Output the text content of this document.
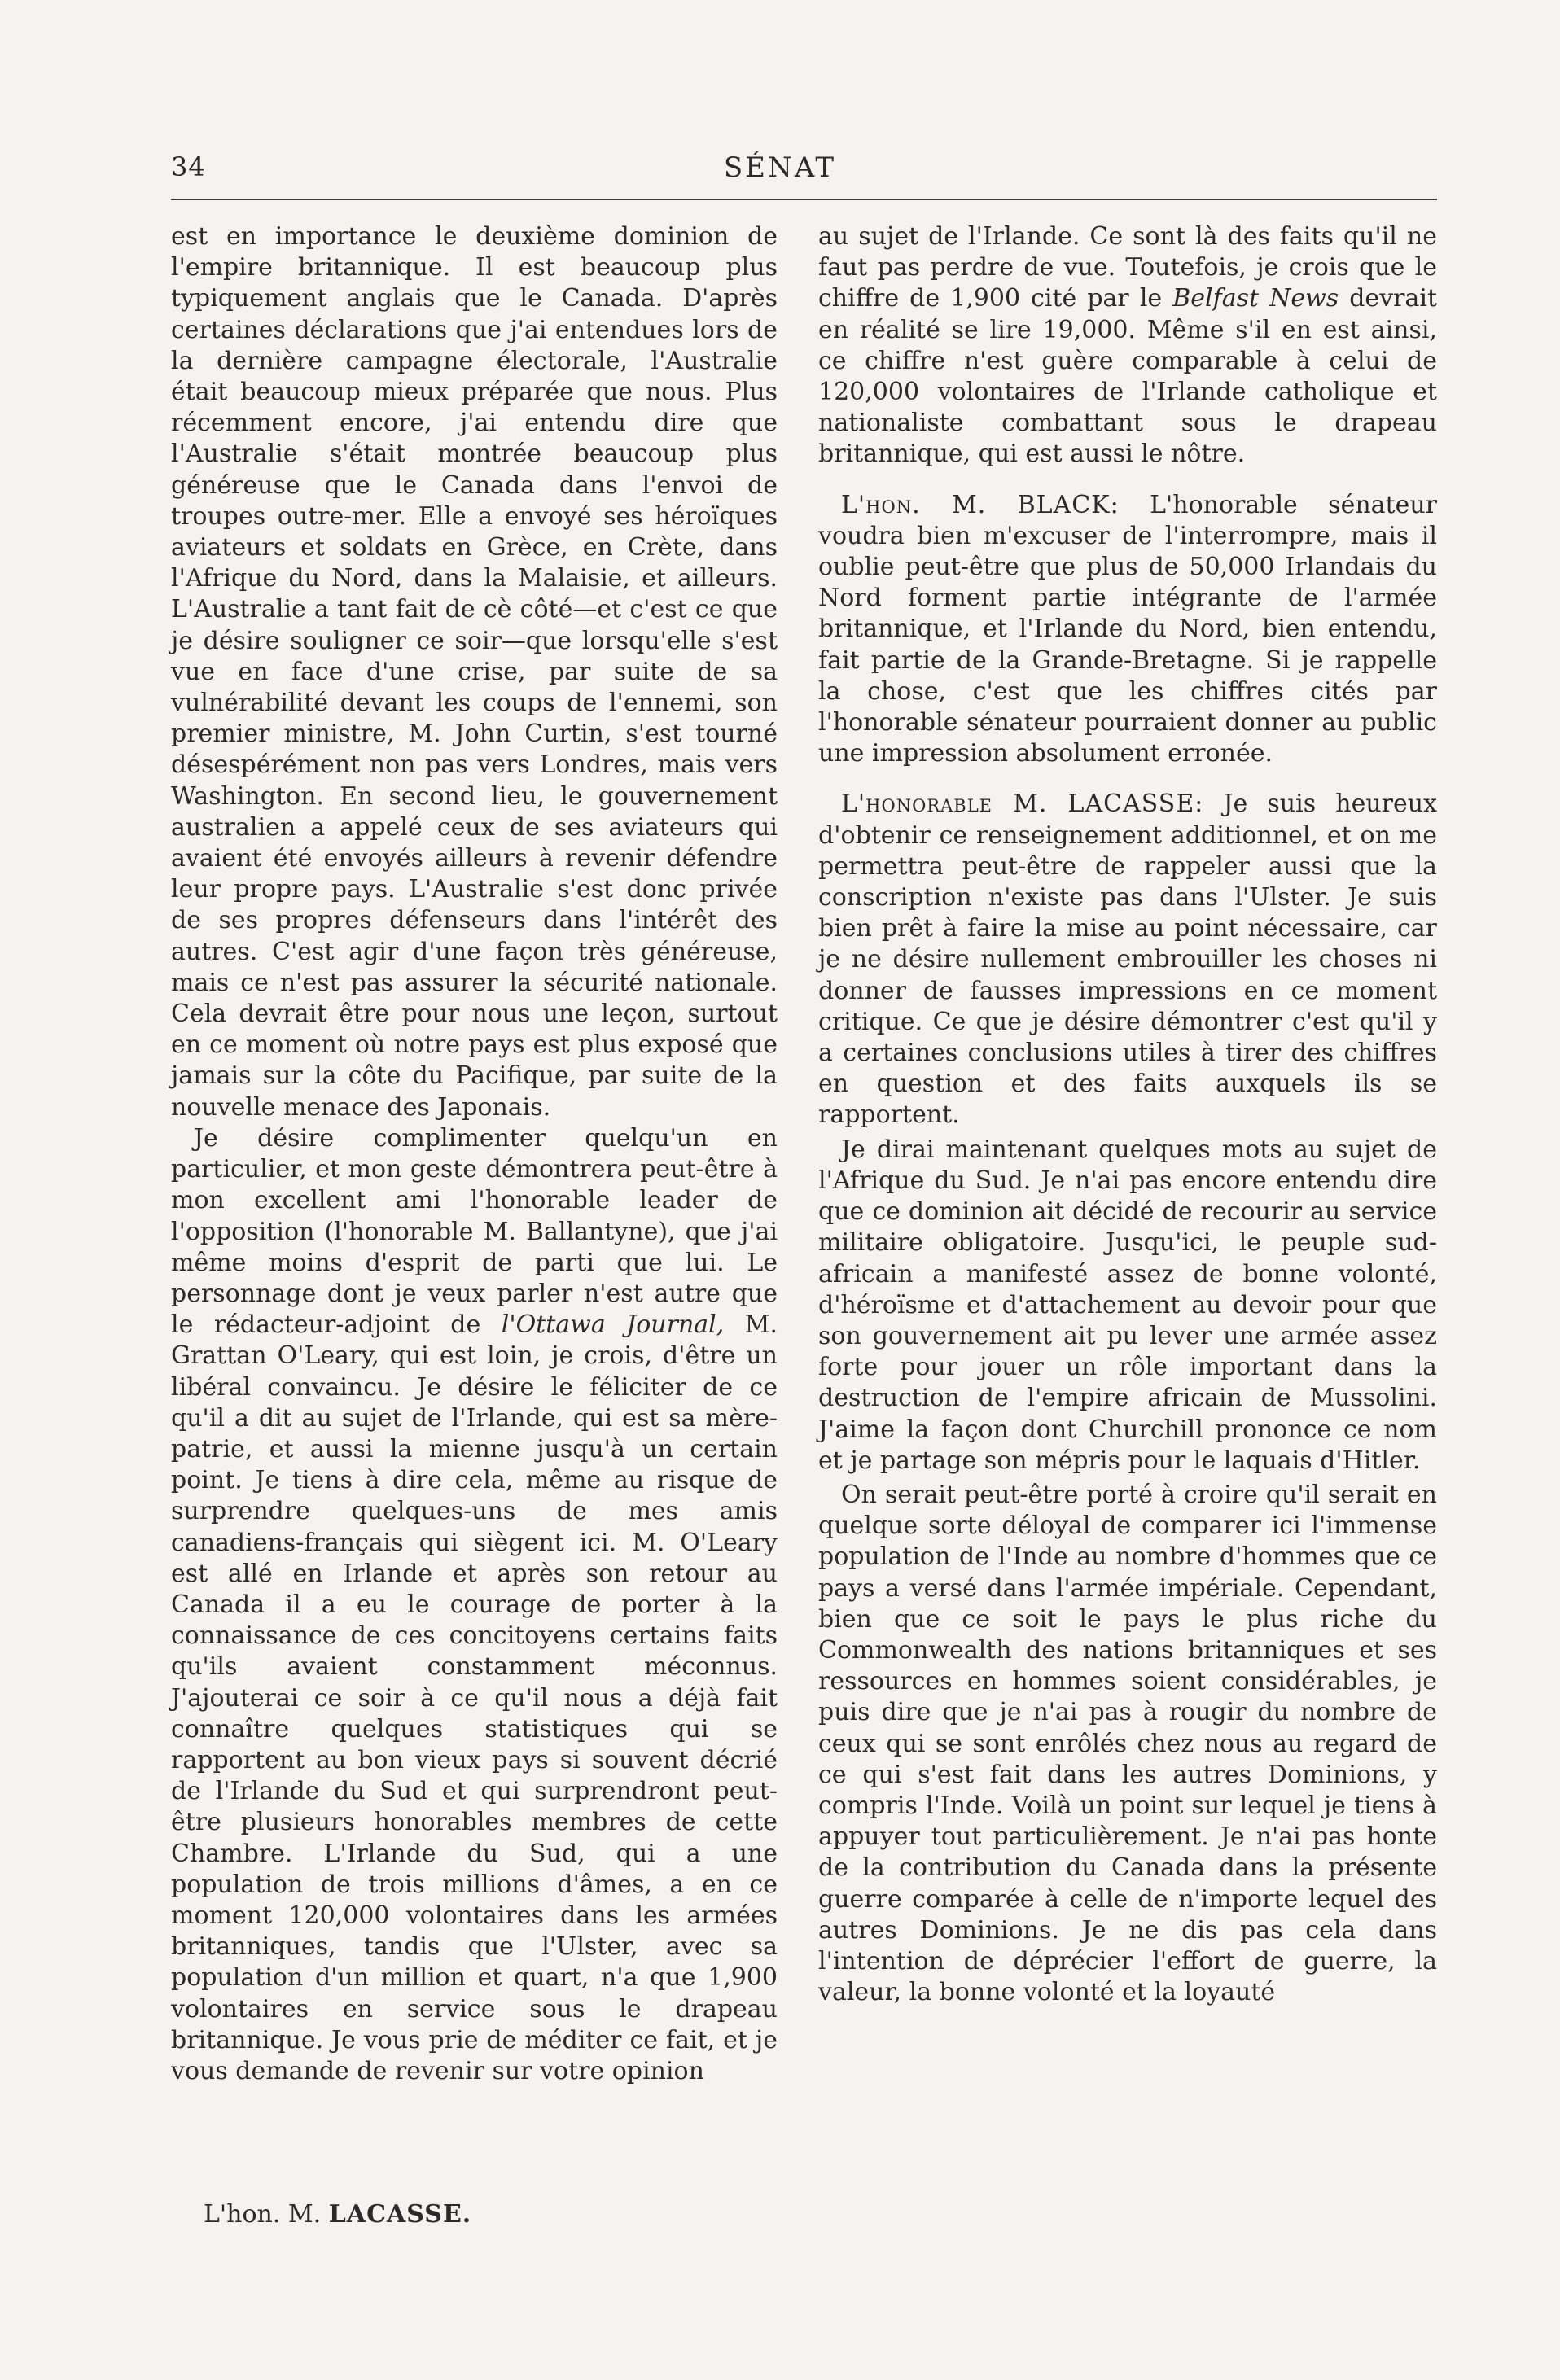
34	SÉNAT

est en importance le deuxième dominion de l'empire britannique. Il est beaucoup plus typiquement anglais que le Canada. D'après certaines déclarations que j'ai entendues lors de la dernière campagne électorale, l'Australie était beaucoup mieux préparée que nous. Plus récemment encore, j'ai entendu dire que l'Australie s'était montrée beaucoup plus généreuse que le Canada dans l'envoi de troupes outre-mer. Elle a envoyé ses héroïques aviateurs et soldats en Grèce, en Crète, dans l'Afrique du Nord, dans la Malaisie, et ailleurs. L'Australie a tant fait de cè côté—et c'est ce que je désire souligner ce soir—que lorsqu'elle s'est vue en face d'une crise, par suite de sa vulnérabilité devant les coups de l'ennemi, son premier ministre, M. John Curtin, s'est tourné désespérément non pas vers Londres, mais vers Washington. En second lieu, le gouvernement australien a appelé ceux de ses aviateurs qui avaient été envoyés ailleurs à revenir défendre leur propre pays. L'Australie s'est donc privée de ses propres défenseurs dans l'intérêt des autres. C'est agir d'une façon très généreuse, mais ce n'est pas assurer la sécurité nationale. Cela devrait être pour nous une leçon, surtout en ce moment où notre pays est plus exposé que jamais sur la côte du Pacifique, par suite de la nouvelle menace des Japonais.

Je désire complimenter quelqu'un en particulier, et mon geste démontrera peut-être à mon excellent ami l'honorable leader de l'opposition (l'honorable M. Ballantyne), que j'ai même moins d'esprit de parti que lui. Le personnage dont je veux parler n'est autre que le rédacteur-adjoint de l'Ottawa Journal, M. Grattan O'Leary, qui est loin, je crois, d'être un libéral convaincu. Je désire le féliciter de ce qu'il a dit au sujet de l'Irlande, qui est sa mère-patrie, et aussi la mienne jusqu'à un certain point. Je tiens à dire cela, même au risque de surprendre quelques-uns de mes amis canadiens-français qui siègent ici. M. O'Leary est allé en Irlande et après son retour au Canada il a eu le courage de porter à la connaissance de ces concitoyens certains faits qu'ils avaient constamment méconnus. J'ajouterai ce soir à ce qu'il nous a déjà fait connaître quelques statistiques qui se rapportent au bon vieux pays si souvent décrié de l'Irlande du Sud et qui surprendront peut-être plusieurs honorables membres de cette Chambre. L'Irlande du Sud, qui a une population de trois millions d'âmes, a en ce moment 120,000 volontaires dans les armées britanniques, tandis que l'Ulster, avec sa population d'un million et quart, n'a que 1,900 volontaires en service sous le drapeau britannique. Je vous prie de méditer ce fait, et je vous demande de revenir sur votre opinion

L'hon. M. LACASSE.

au sujet de l'Irlande. Ce sont là des faits qu'il ne faut pas perdre de vue. Toutefois, je crois que le chiffre de 1,900 cité par le Belfast News devrait en réalité se lire 19,000. Même s'il en est ainsi, ce chiffre n'est guère comparable à celui de 120,000 volontaires de l'Irlande catholique et nationaliste combattant sous le drapeau britannique, qui est aussi le nôtre.

L'hon. M. BLACK: L'honorable sénateur voudra bien m'excuser de l'interrompre, mais il oublie peut-être que plus de 50,000 Irlandais du Nord forment partie intégrante de l'armée britannique, et l'Irlande du Nord, bien entendu, fait partie de la Grande-Bretagne. Si je rappelle la chose, c'est que les chiffres cités par l'honorable sénateur pourraient donner au public une impression absolument erronée.

L'honorable M. LACASSE: Je suis heureux d'obtenir ce renseignement additionnel, et on me permettra peut-être de rappeler aussi que la conscription n'existe pas dans l'Ulster. Je suis bien prêt à faire la mise au point nécessaire, car je ne désire nullement embrouiller les choses ni donner de fausses impressions en ce moment critique. Ce que je désire démontrer c'est qu'il y a certaines conclusions utiles à tirer des chiffres en question et des faits auxquels ils se rapportent.

Je dirai maintenant quelques mots au sujet de l'Afrique du Sud. Je n'ai pas encore entendu dire que ce dominion ait décidé de recourir au service militaire obligatoire. Jusqu'ici, le peuple sud-africain a manifesté assez de bonne volonté, d'héroïsme et d'attachement au devoir pour que son gouvernement ait pu lever une armée assez forte pour jouer un rôle important dans la destruction de l'empire africain de Mussolini. J'aime la façon dont Churchill prononce ce nom et je partage son mépris pour le laquais d'Hitler.

On serait peut-être porté à croire qu'il serait en quelque sorte déloyal de comparer ici l'immense population de l'Inde au nombre d'hommes que ce pays a versé dans l'armée impériale. Cependant, bien que ce soit le pays le plus riche du Commonwealth des nations britanniques et ses ressources en hommes soient considérables, je puis dire que je n'ai pas à rougir du nombre de ceux qui se sont enrôlés chez nous au regard de ce qui s'est fait dans les autres Dominions, y compris l'Inde. Voilà un point sur lequel je tiens à appuyer tout particulièrement. Je n'ai pas honte de la contribution du Canada dans la présente guerre comparée à celle de n'importe lequel des autres Dominions. Je ne dis pas cela dans l'intention de déprécier l'effort de guerre, la valeur, la bonne volonté et la loyauté
